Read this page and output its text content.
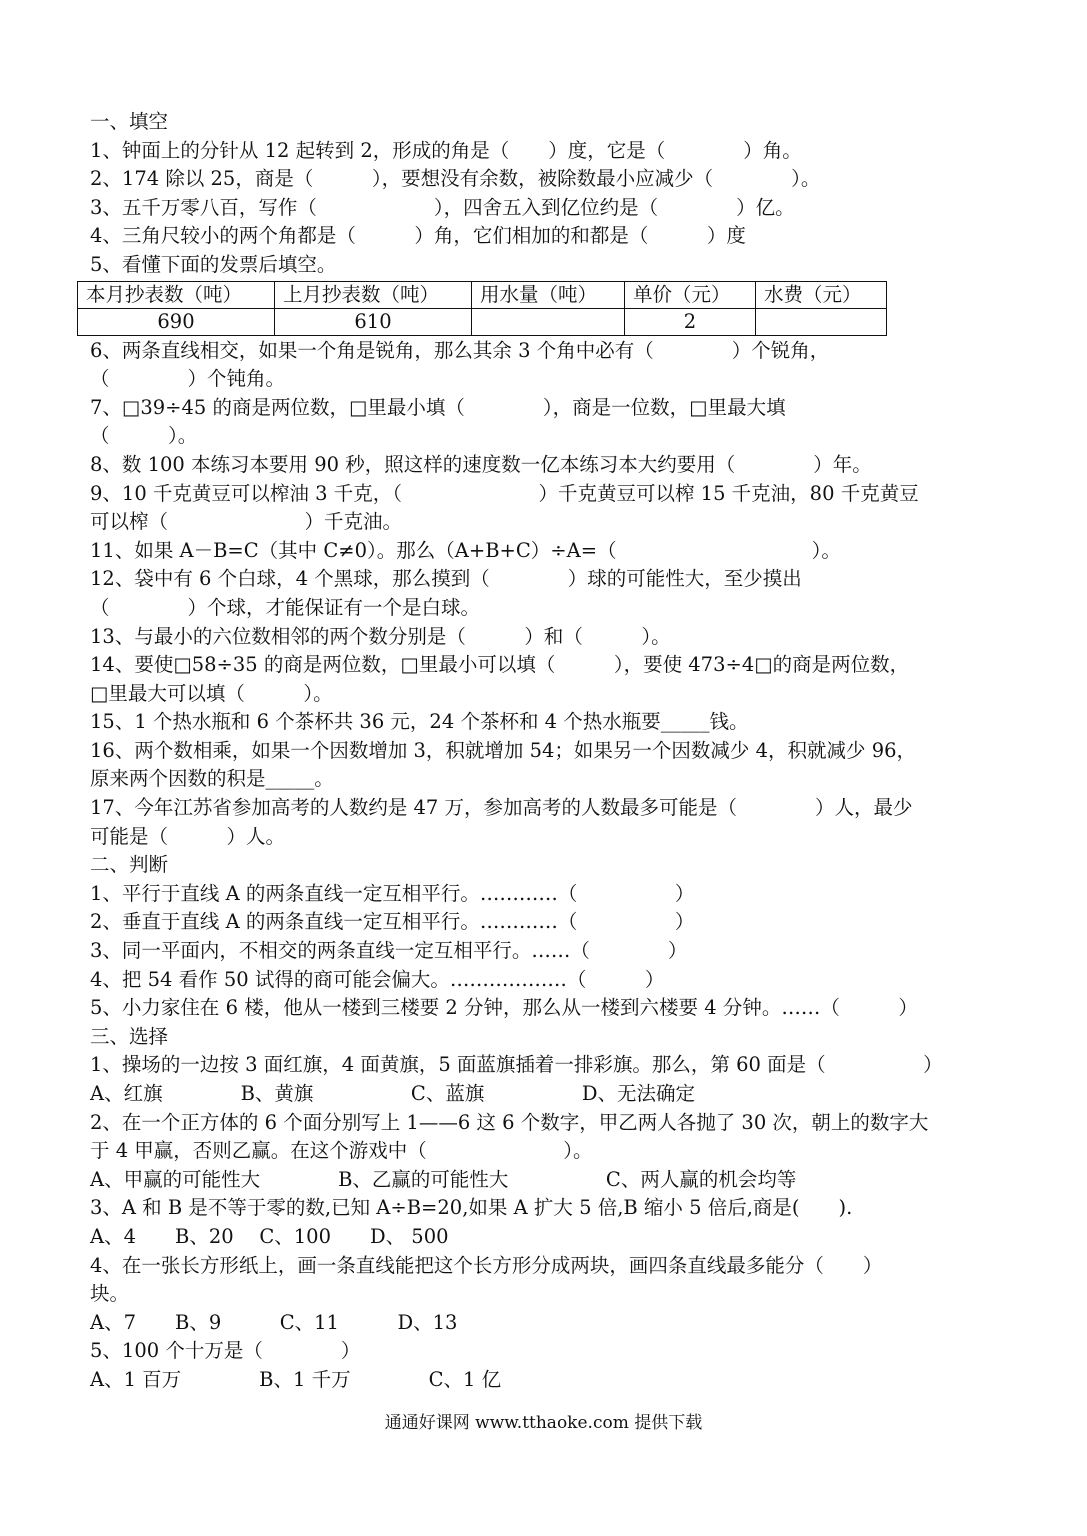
一、填空
1、钟面上的分针从 12 起转到 2，形成的角是（　　）度，它是（　　　　）角。
2、174 除以 25，商是（　　　），要想没有余数，被除数最小应减少（　　　　）。
3、五千万零八百，写作（　　　　　　），四舍五入到亿位约是（　　　　）亿。
4、三角尺较小的两个角都是（　　　）角，它们相加的和都是（　　　）度
5、看懂下面的发票后填空。
本月抄表数（吨）	上月抄表数（吨）	用水量（吨）	单价（元）	水费（元）
690	610		2	
6、两条直线相交，如果一个角是锐角，那么其余 3 个角中必有（　　　　）个锐角，
（　　　　）个钝角。
7、□39÷45 的商是两位数，□里最小填（　　　　），商是一位数，□里最大填
（　　　）。
8、数 100 本练习本要用 90 秒，照这样的速度数一亿本练习本大约要用（　　　　）年。
9、10 千克黄豆可以榨油 3 千克，（　　　　　　　）千克黄豆可以榨 15 千克油，80 千克黄豆
可以榨（　　　　　　　）千克油。
11、如果 A－B=C（其中 C≠0）。那么（A+B+C）÷A=（　　　　　　　　　　）。
12、袋中有 6 个白球，4 个黑球，那么摸到（　　　　）球的可能性大，至少摸出
（　　　　）个球，才能保证有一个是白球。
13、与最小的六位数相邻的两个数分别是（　　　）和（　　　）。
14、要使□58÷35 的商是两位数，□里最小可以填（　　　），要使 473÷4□的商是两位数，
□里最大可以填（　　　）。
15、1 个热水瓶和 6 个茶杯共 36 元，24 个茶杯和 4 个热水瓶要_____钱。
16、两个数相乘，如果一个因数增加 3，积就增加 54；如果另一个因数减少 4，积就减少 96，
原来两个因数的积是_____。
17、今年江苏省参加高考的人数约是 47 万，参加高考的人数最多可能是（　　　　）人，最少
可能是（　　　）人。
二、判断
1、平行于直线 A 的两条直线一定互相平行。…………（　　　　　）
2、垂直于直线 A 的两条直线一定互相平行。…………（　　　　　）
3、同一平面内，不相交的两条直线一定互相平行。……（　　　　）
4、把 54 看作 50 试得的商可能会偏大。………………（　　　）
5、小力家住在 6 楼，他从一楼到三楼要 2 分钟，那么从一楼到六楼要 4 分钟。……（　　　）
三、选择
1、操场的一边按 3 面红旗，4 面黄旗，5 面蓝旗插着一排彩旗。那么，第 60 面是（　　　　　）
A、红旗　　　　B、黄旗　　　　　C、蓝旗　　　　　D、无法确定
2、在一个正方体的 6 个面分别写上 1——6 这 6 个数字，甲乙两人各抛了 30 次，朝上的数字大
于 4 甲赢，否则乙赢。在这个游戏中（　　　　　　　）。
A、甲赢的可能性大　　　　B、乙赢的可能性大　　　　　C、两人赢的机会均等
3、A 和 B 是不等于零的数,已知 A÷B=20,如果 A 扩大 5 倍,B 缩小 5 倍后,商是(　　).
A、4　　B、20　 C、100　　D、 500
4、在一张长方形纸上，画一条直线能把这个长方形分成两块，画四条直线最多能分（　　）
块。
A、7　　B、9　　　C、11　　　D、13
5、100 个十万是（　　　　）
A、1 百万　　　　B、1 千万　　　　C、1 亿
通通好课网 www.tthaoke.com 提供下载
